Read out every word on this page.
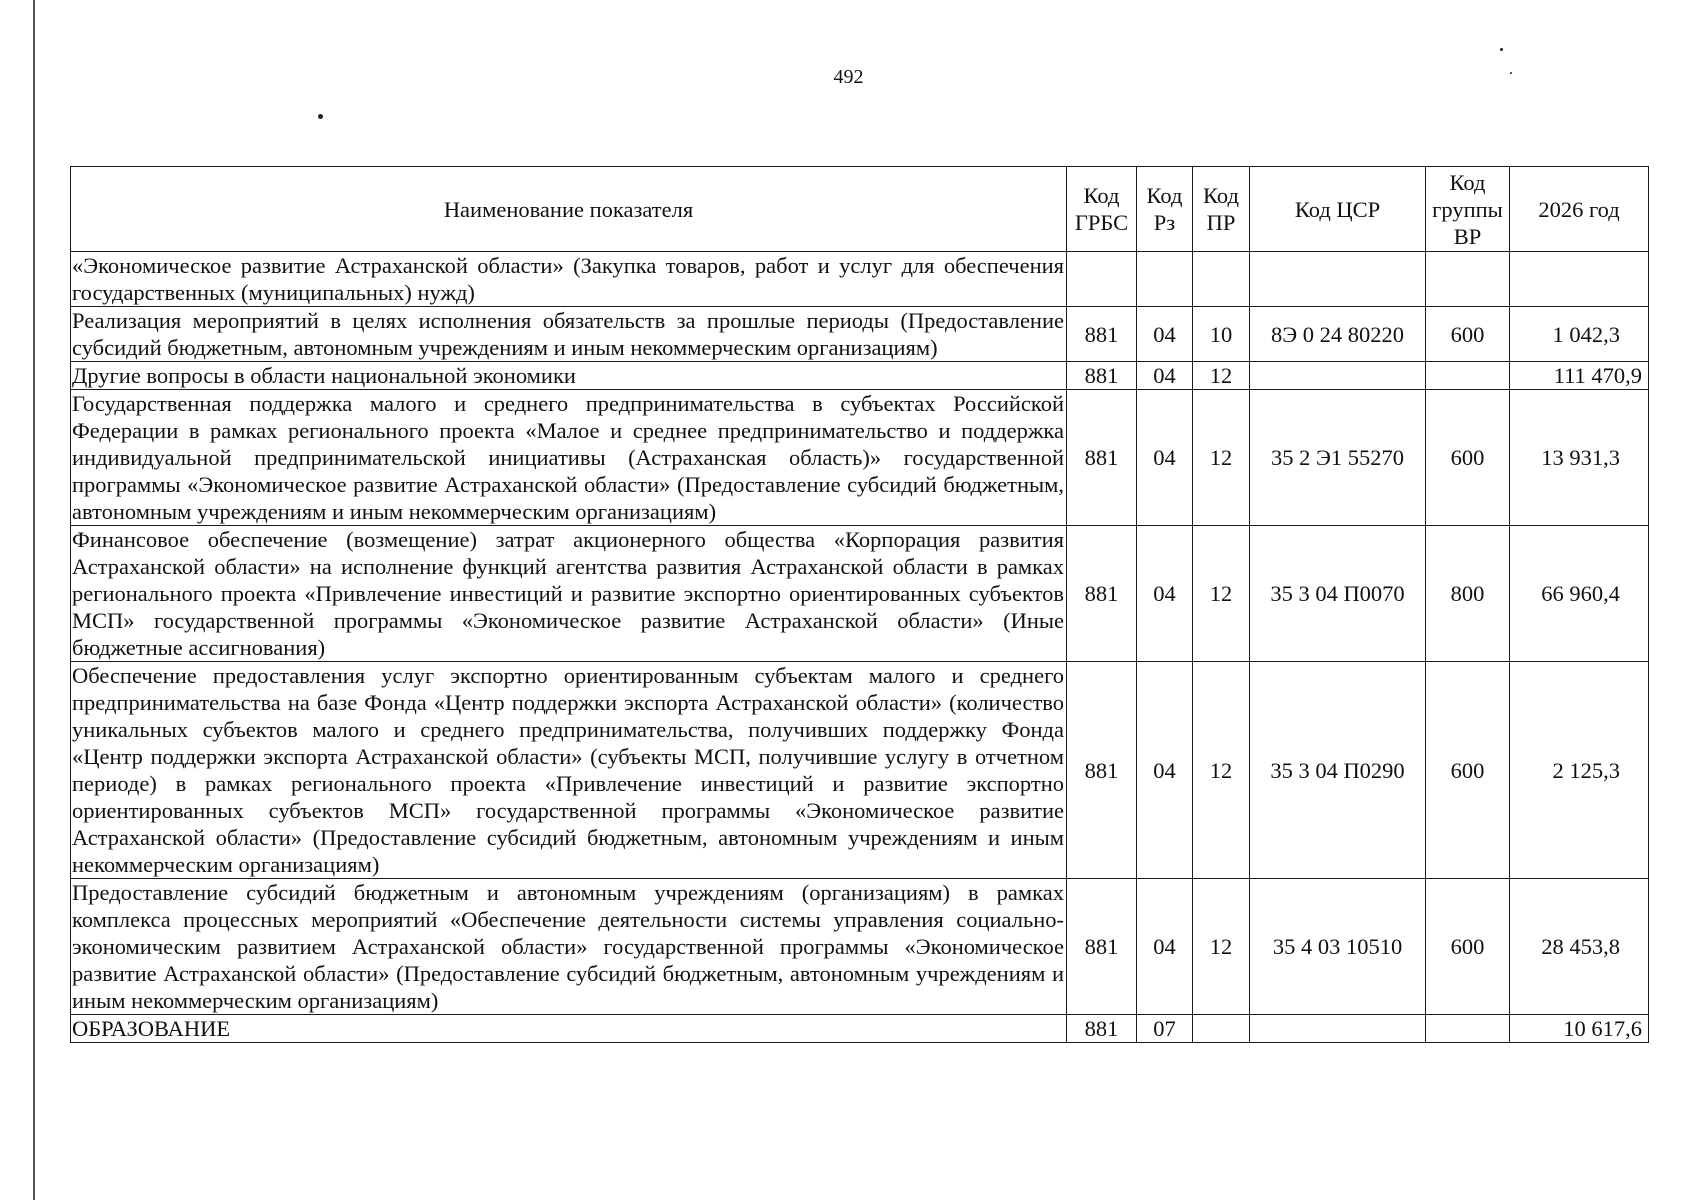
492
Наименование показателя	Код ГРБС	Код Рз	Код ПР	Код ЦСР	Код группы ВР	2026 год
«Экономическое развитие Астраханской области» (Закупка товаров, работ и услуг для обеспечения государственных (муниципальных) нужд)						
Реализация мероприятий в целях исполнения обязательств за прошлые периоды (Предоставление субсидий бюджетным, автономным учреждениям и иным некоммерческим организациям)	881	04	10	8Э 0 24 80220	600	1 042,3
Другие вопросы в области национальной экономики	881	04	12			111 470,9
Государственная поддержка малого и среднего предпринимательства в субъектах Российской Федерации в рамках регионального проекта «Малое и среднее предпринимательство и поддержка индивидуальной предпринимательской инициативы (Астраханская область)» государственной программы «Экономическое развитие Астраханской области» (Предоставление субсидий бюджетным, автономным учреждениям и иным некоммерческим организациям)	881	04	12	35 2 Э1 55270	600	13 931,3
Финансовое обеспечение (возмещение) затрат акционерного общества «Корпорация развития Астраханской области» на исполнение функций агентства развития Астраханской области в рамках регионального проекта «Привлечение инвестиций и развитие экспортно ориентированных субъектов МСП» государственной программы «Экономическое развитие Астраханской области» (Иные бюджетные ассигнования)	881	04	12	35 3 04 П0070	800	66 960,4
Обеспечение предоставления услуг экспортно ориентированным субъектам малого и среднего предпринимательства на базе Фонда «Центр поддержки экспорта Астраханской области» (количество уникальных субъектов малого и среднего предпринимательства, получивших поддержку Фонда «Центр поддержки экспорта Астраханской области» (субъекты МСП, получившие услугу в отчетном периоде) в рамках регионального проекта «Привлечение инвестиций и развитие экспортно ориентированных субъектов МСП» государственной программы «Экономическое развитие Астраханской области» (Предоставление субсидий бюджетным, автономным учреждениям и иным некоммерческим организациям)	881	04	12	35 3 04 П0290	600	2 125,3
Предоставление субсидий бюджетным и автономным учреждениям (организациям) в рамках комплекса процессных мероприятий «Обеспечение деятельности системы управления социально-экономическим развитием Астраханской области» государственной программы «Экономическое развитие Астраханской области» (Предоставление субсидий бюджетным, автономным учреждениям и иным некоммерческим организациям)	881	04	12	35 4 03 10510	600	28 453,8
ОБРАЗОВАНИЕ	881	07				10 617,6
